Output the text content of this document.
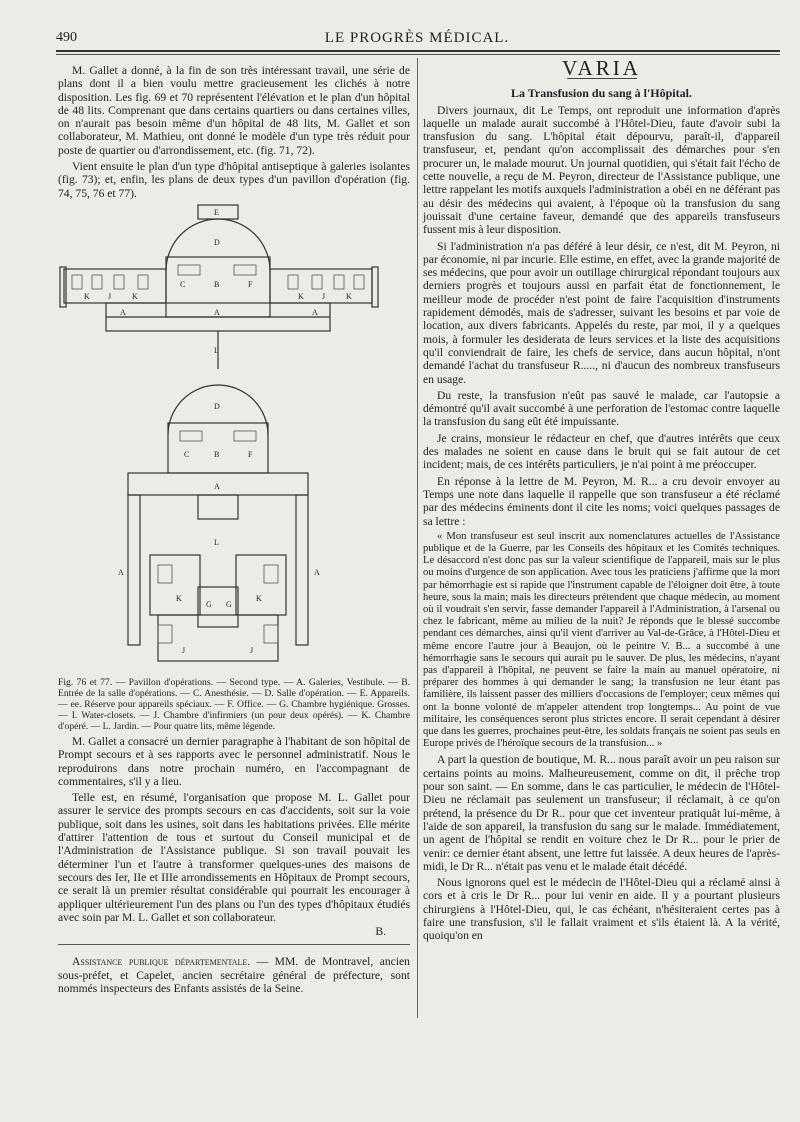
490	LE PROGRÈS MÉDICAL.

M. Gallet a donné, à la fin de son très intéressant travail, une série de plans dont il a bien voulu mettre gracieusement les clichés à notre disposition. Les fig. 69 et 70 représentent l'élévation et le plan d'un hôpital de 48 lits. Comprenant que dans certains quartiers ou dans certaines villes, on n'aurait pas besoin même d'un hôpital de 48 lits, M. Gallet et son collaborateur, M. Mathieu, ont donné le modèle d'un type très réduit pour poste de quartier ou d'arrondissement, etc. (fig. 71, 72).

Vient ensuite le plan d'un type d'hôpital antiseptique à galeries isolantes (fig. 73); et, enfin, les plans de deux types d'un pavillon d'opération (fig. 74, 75, 76 et 77).

E
D
C	B	F
K J	K	K J	K
A	A	A
L
D
C	B	F
A
L
A	A
K	K
G G
J	J

Fig. 76 et 77. — Pavillon d'opérations. — Second type. — A. Galeries, Vestibule. — B. Entrée de la salle d'opérations. — C. Anesthésie. — D. Salle d'opération. — E. Appareils. — ee. Réserve pour appareils spéciaux. — F. Office. — G. Chambre hygiénique. Grosses. — I. Water-closets. — J. Chambre d'infirmiers (un pour deux opérés). — K. Chambre d'opéré. — L. Jardin. — Pour quatre lits, même légende.

M. Gallet a consacré un dernier paragraphe à l'habitant de son hôpital de Prompt secours et à ses rapports avec le personnel administratif. Nous le reproduirons dans notre prochain numéro, en l'accompagnant de commentaires, s'il y a lieu.

Telle est, en résumé, l'organisation que propose M. L. Gallet pour assurer le service des prompts secours en cas d'accidents, soit sur la voie publique, soit dans les usines, soit dans les habitations privées. Elle mérite d'attirer l'attention de tous et surtout du Conseil municipal et de l'Administration de l'Assistance publique. Si son travail pouvait les déterminer l'un et l'autre à transformer quelques-unes des maisons de secours des Ier, IIe et IIIe arrondissements en Hôpitaux de Prompt secours, ce serait là un premier résultat considérable qui pourrait les encourager à appliquer ultérieurement l'un des plans ou l'un des types d'hôpitaux étudiés avec soin par M. L. Gallet et son collaborateur.

B.

Assistance publique départementale. — MM. de Montravel, ancien sous-préfet, et Capelet, ancien secrétaire général de préfecture, sont nommés inspecteurs des Enfants assistés de la Seine.

VARIA

La Transfusion du sang à l'Hôpital.

Divers journaux, dit Le Temps, ont reproduit une information d'après laquelle un malade aurait succombé à l'Hôtel-Dieu, faute d'avoir subi la transfusion du sang. L'hôpital était dépourvu, paraît-il, d'appareil transfuseur, et, pendant qu'on accomplissait des démarches pour s'en procurer un, le malade mourut. Un journal quotidien, qui s'était fait l'écho de cette nouvelle, a reçu de M. Peyron, directeur de l'Assistance publique, une lettre rappelant les motifs auxquels l'administration a obéi en ne déférant pas au désir des médecins qui avaient, à l'époque où la transfusion du sang jouissait d'une certaine faveur, demandé que des appareils transfuseurs fussent mis à leur disposition.

Si l'administration n'a pas déféré à leur désir, ce n'est, dit M. Peyron, ni par économie, ni par incurie. Elle estime, en effet, avec la grande majorité de ses médecins, que pour avoir un outillage chirurgical répondant toujours aux derniers progrès et toujours aussi en parfait état de fonctionnement, le meilleur mode de procéder n'est point de faire l'acquisition d'instruments rapidement démodés, mais de s'adresser, suivant les besoins et par voie de location, aux divers fabricants. Appelés du reste, par moi, il y a quelques mois, à formuler les desiderata de leurs services et la liste des acquisitions qu'il conviendrait de faire, les chefs de service, dans aucun hôpital, n'ont demandé l'achat du transfuseur R....., ni d'aucun des nombreux transfuseurs en usage.

Du reste, la transfusion n'eût pas sauvé le malade, car l'autopsie a démontré qu'il avait succombé à une perforation de l'estomac contre laquelle la transfusion du sang eût été impuissante.

Je crains, monsieur le rédacteur en chef, que d'autres intérêts que ceux des malades ne soient en cause dans le bruit qui se fait autour de cet incident; mais, de ces intérêts particuliers, je n'ai point à me préoccuper.

En réponse à la lettre de M. Peyron, M. R... a cru devoir envoyer au Temps une note dans laquelle il rappelle que son transfuseur a été réclamé par des médecins éminents dont il cite les noms; voici quelques passages de sa lettre :

« Mon transfuseur est seul inscrit aux nomenclatures actuelles de l'Assistance publique et de la Guerre, par les Conseils des hôpitaux et les Comités techniques. Le désaccord n'est donc pas sur la valeur scientifique de l'appareil, mais sur le plus ou moins d'urgence de son application. Avec tous les praticiens j'affirme que la mort par hémorrhagie est si rapide que l'instrument capable de l'éloigner doit être, à toute heure, sous la main; mais les directeurs prétendent que chaque médecin, au moment où il voudrait s'en servir, fasse demander l'appareil à l'Administration, à l'arsenal ou chez le fabricant, même au milieu de la nuit? Je réponds que le blessé succombe pendant ces démarches, ainsi qu'il vient d'arriver au Val-de-Grâce, à l'Hôtel-Dieu et même encore l'autre jour à Beaujon, où le peintre V. B... a succombé à une hémorrhagie sans le secours qui aurait pu le sauver. De plus, les médecins, n'ayant pas d'appareil à l'hôpital, ne peuvent se faire la main au manuel opératoire, ni préparer des hommes à qui demander le sang; la transfusion ne leur étant pas familière, ils laissent passer des milliers d'occasions de l'employer; ceux mêmes qui ont la bonne volonté de m'appeler attendent trop longtemps... Au point de vue militaire, les conséquences seront plus strictes encore. Il serait cependant à désirer que dans les guerres, prochaines peut-être, les soldats français ne soient pas seuls en Europe privés de l'héroïque secours de la transfusion... »

A part la question de boutique, M. R... nous paraît avoir un peu raison sur certains points au moins. Malheureusement, comme on dit, il prêche trop pour son saint. — En somme, dans le cas particulier, le médecin de l'Hôtel-Dieu ne réclamait pas seulement un transfuseur; il réclamait, à ce qu'on prétend, la présence du Dr R.. pour que cet inventeur pratiquât lui-même, à l'aide de son appareil, la transfusion du sang sur le malade. Immédiatement, un agent de l'hôpital se rendit en voiture chez le Dr R... pour le prier de venir: ce dernier étant absent, une lettre fut laissée. A deux heures de l'après-midi, le Dr R... n'était pas venu et le malade était décédé.

Nous ignorons quel est le médecin de l'Hôtel-Dieu qui a réclamé ainsi à cors et à cris le Dr R... pour lui venir en aide. Il y a pourtant plusieurs chirurgiens à l'Hôtel-Dieu, qui, le cas échéant, n'hésiteraient certes pas à faire une transfusion, s'il le fallait vraiment et s'ils étaient là. A la vérité, quoiqu'on en
